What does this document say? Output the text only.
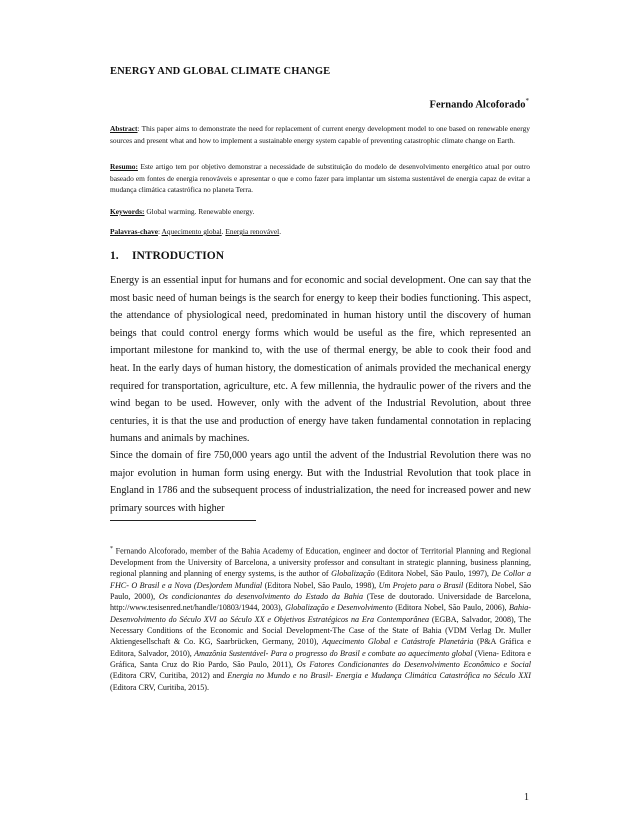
ENERGY AND GLOBAL CLIMATE CHANGE
Fernando Alcoforado*
Abstract: This paper aims to demonstrate the need for replacement of current energy development model to one based on renewable energy sources and present what and how to implement a sustainable energy system capable of preventing catastrophic climate change on Earth.
Resumo: Este artigo tem por objetivo demonstrar a necessidade de substituição do modelo de desenvolvimento energético atual por outro baseado em fontes de energia renováveis e apresentar o que e como fazer para implantar um sistema sustentável de energia capaz de evitar a mudança climática catastrófica no planeta Terra.
Keywords: Global warming. Renewable energy.
Palavras-chave: Aquecimento global. Energia renovável.
1. INTRODUCTION
Energy is an essential input for humans and for economic and social development. One can say that the most basic need of human beings is the search for energy to keep their bodies functioning. This aspect, the attendance of physiological need, predominated in human history until the discovery of human beings that could control energy forms which would be useful as the fire, which represented an important milestone for mankind to, with the use of thermal energy, be able to cook their food and heat. In the early days of human history, the domestication of animals provided the mechanical energy required for transportation, agriculture, etc. A few millennia, the hydraulic power of the rivers and the wind began to be used. However, only with the advent of the Industrial Revolution, about three centuries, it is that the use and production of energy have taken fundamental connotation in replacing humans and animals by machines.
Since the domain of fire 750,000 years ago until the advent of the Industrial Revolution there was no major evolution in human form using energy. But with the Industrial Revolution that took place in England in 1786 and the subsequent process of industrialization, the need for increased power and new primary sources with higher
* Fernando Alcoforado, member of the Bahia Academy of Education, engineer and doctor of Territorial Planning and Regional Development from the University of Barcelona, a university professor and consultant in strategic planning, business planning, regional planning and planning of energy systems, is the author of Globalização (Editora Nobel, São Paulo, 1997), De Collor a FHC- O Brasil e a Nova (Des)ordem Mundial (Editora Nobel, São Paulo, 1998), Um Projeto para o Brasil (Editora Nobel, São Paulo, 2000), Os condicionantes do desenvolvimento do Estado da Bahia (Tese de doutorado. Universidade de Barcelona, http://www.tesisenred.net/handle/10803/1944, 2003), Globalização e Desenvolvimento (Editora Nobel, São Paulo, 2006), Bahia- Desenvolvimento do Século XVI ao Século XX e Objetivos Estratégicos na Era Contemporânea (EGBA, Salvador, 2008), The Necessary Conditions of the Economic and Social Development-The Case of the State of Bahia (VDM Verlag Dr. Muller Aktiengesellschaft & Co. KG, Saarbrücken, Germany, 2010), Aquecimento Global e Catástrofe Planetária (P&A Gráfica e Editora, Salvador, 2010), Amazônia Sustentável- Para o progresso do Brasil e combate ao aquecimento global (Viena- Editora e Gráfica, Santa Cruz do Rio Pardo, São Paulo, 2011), Os Fatores Condicionantes do Desenvolvimento Econômico e Social (Editora CRV, Curitiba, 2012) and Energia no Mundo e no Brasil- Energia e Mudança Climática Catastrófica no Século XXI (Editora CRV, Curitiba, 2015).
1
